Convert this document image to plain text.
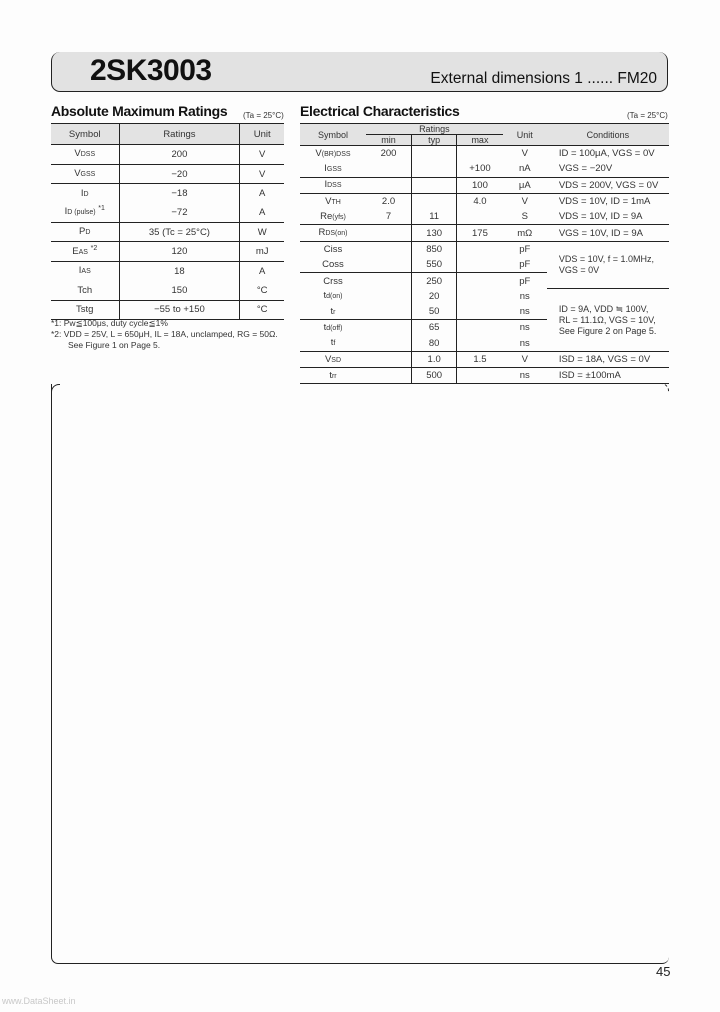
2SK3003	External dimensions 1 ...... FM20
Absolute Maximum Ratings (Ta = 25°C)
Symbol	Ratings	Unit
VDSS	200	V
VGSS	−20	V
ID	−18	A
ID (pulse) $^{*1}$	−72	A
PD	35 (Tc = 25°C)	W
EAS $^{*2}$	120	mJ
IAS	18	A
Tch	150	°C
Tstg	−55 to +150	°C
*1: Pw≦100μs, duty cycle≦1%
*2: VDD = 25V, L = 650μH, IL = 18A, unclamped, RG = 50Ω.
See Figure 1 on Page 5.
Electrical Characteristics	(Ta = 25°C)
Symbol	Ratings			Unit	Conditions
	min	typ	max		
V(BR)DSS	200			V	ID = 100μA, VGS = 0V
IGSS			+100	nA	VGS = −20V
IDSS			100	μA	VDS = 200V, VGS = 0V
VTH	2.0		4.0	V	VDS = 10V, ID = 1mA
Re(yfs)	7	11		S	VDS = 10V, ID = 9A
RDS(on)		130	175	mΩ	VGS = 10V, ID = 9A
Ciss		850		pF	VDS = 10V, f = 1.0MHz,
VGS = 0V

Coss		550		pF	
Crss		250		pF	
td(on)		20		ns	ID = 9A, VDD ≒ 100V,
RL = 11.1Ω, VGS = 10V,
See Figure 2 on Page 5.

tr		50		ns	
td(off)		65		ns	
tf		80		ns	
VSD		1.0	1.5	V	ISD = 18A, VGS = 0V
trr		500		ns	ISD = ±100mA
45
www.DataSheet.in
